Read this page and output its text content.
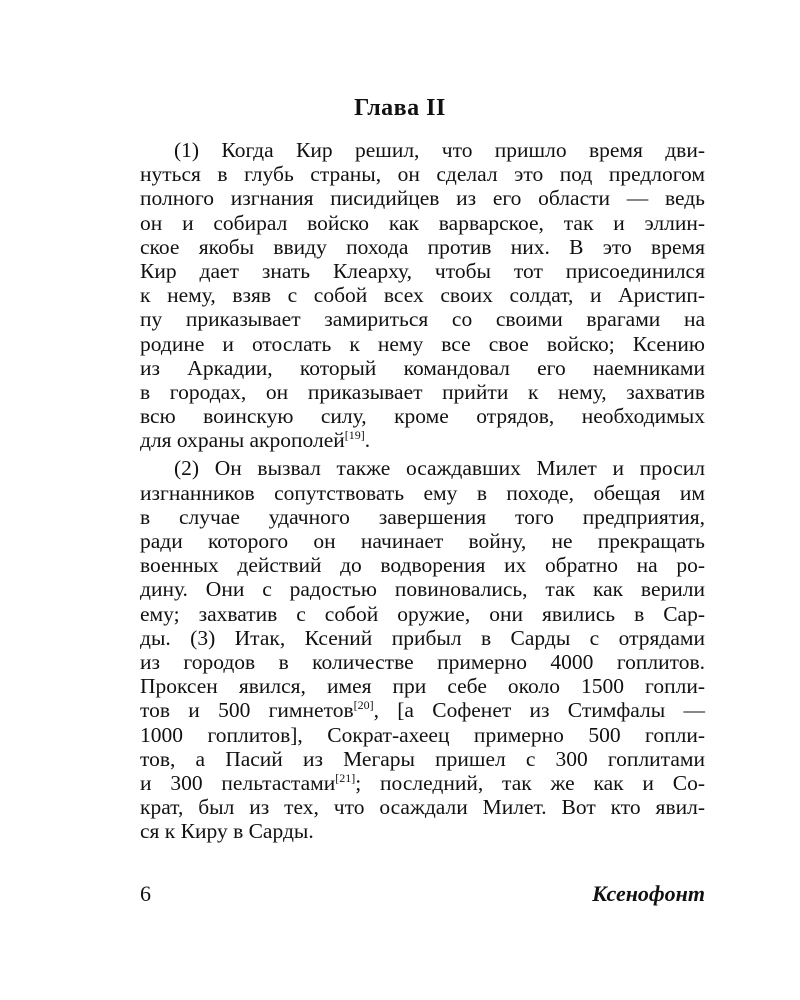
Глава II
(1) Когда Кир решил, что пришло время дви-
нуться в глубь страны, он сделал это под предлогом
полного изгнания писидийцев из его области — ведь
он и собирал войско как варварское, так и эллин-
ское якобы ввиду похода против них. В это время
Кир дает знать Клеарху, чтобы тот присоединился
к нему, взяв с собой всех своих солдат, и Аристип-
пу приказывает замириться со своими врагами на
родине и отослать к нему все свое войско; Ксению
из Аркадии, который командовал его наемниками
в городах, он приказывает прийти к нему, захватив
всю воинскую силу, кроме отрядов, необходимых
для охраны акрополей[19].
(2) Он вызвал также осаждавших Милет и просил
изгнанников сопутствовать ему в походе, обещая им
в случае удачного завершения того предприятия,
ради которого он начинает войну, не прекращать
военных действий до водворения их обратно на ро-
дину. Они с радостью повиновались, так как верили
ему; захватив с собой оружие, они явились в Сар-
ды. (3) Итак, Ксений прибыл в Сарды с отрядами
из городов в количестве примерно 4000 гоплитов.
Проксен явился, имея при себе около 1500 гопли-
тов и 500 гимнетов[20], [а Софенет из Стимфалы —
1000 гоплитов], Сократ-ахеец примерно 500 гопли-
тов, а Пасий из Мегары пришел с 300 гоплитами
и 300 пельтастами[21]; последний, так же как и Со-
крат, был из тех, что осаждали Милет. Вот кто явил-
ся к Киру в Сарды.
6	Ксенофонт
